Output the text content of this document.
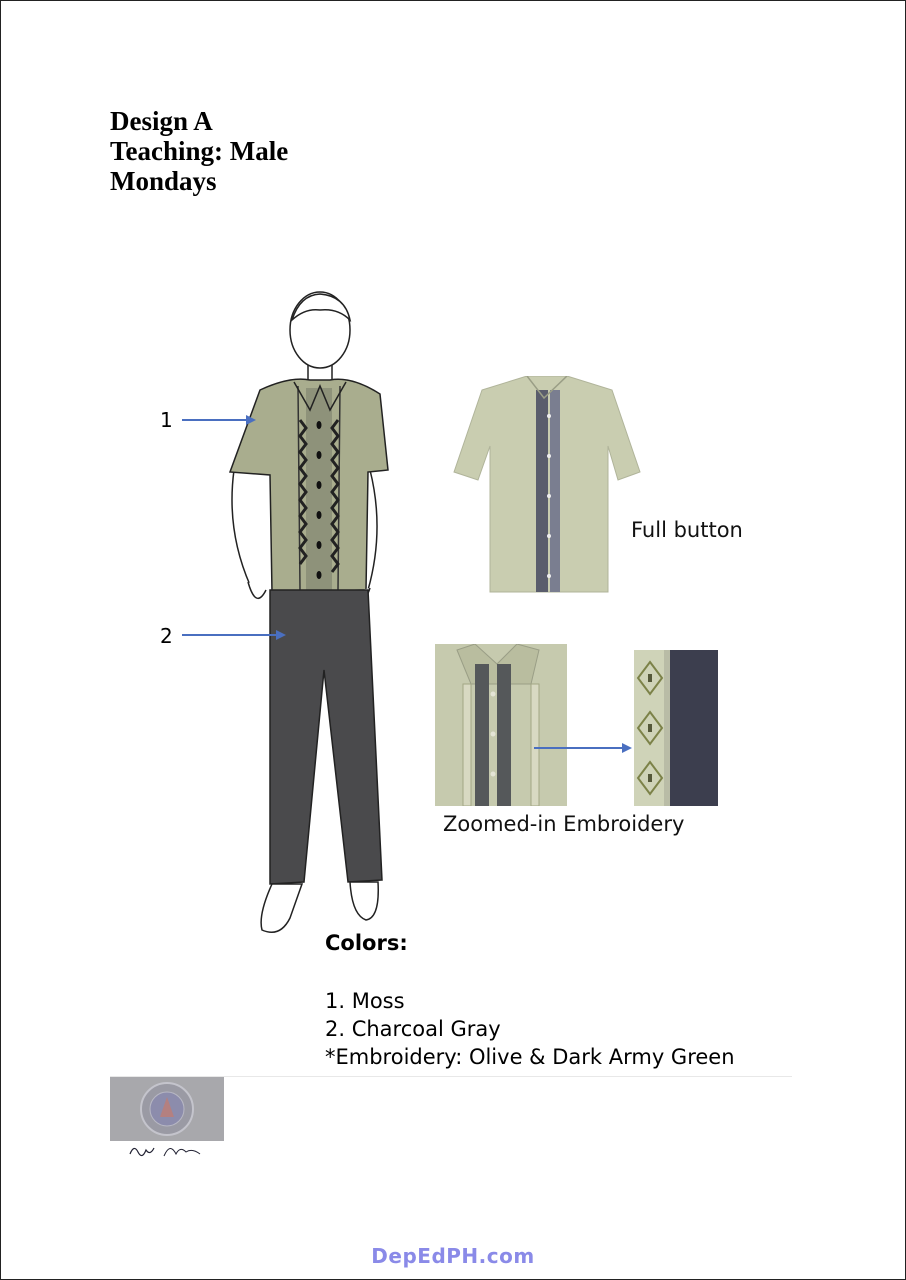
Design A
Teaching: Male
Mondays
1
2
Full button
Zoomed-in Embroidery
Colors:
1. Moss
2. Charcoal Gray
*Embroidery: Olive & Dark Army Green
DepEdPH.com
